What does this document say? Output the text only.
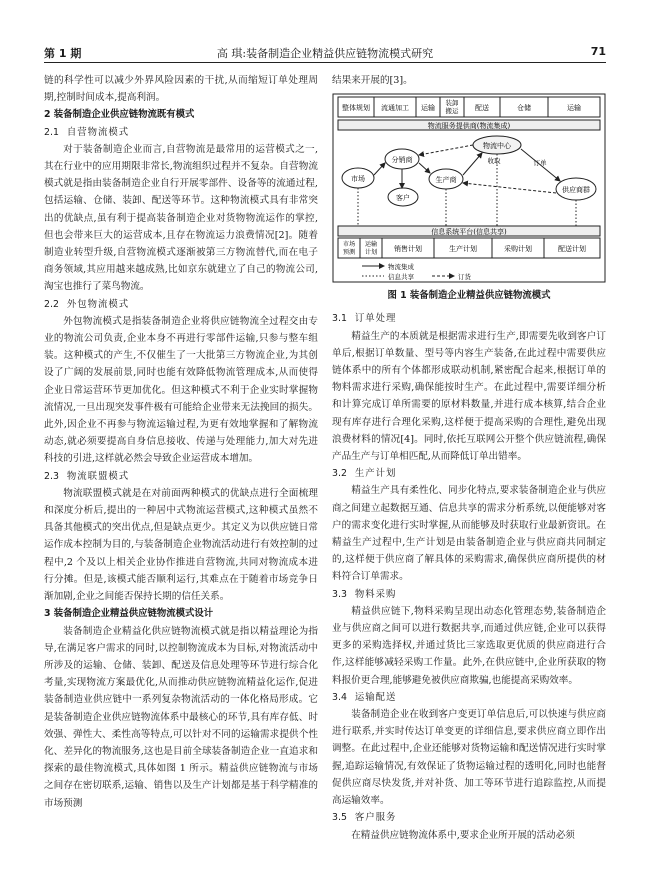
第 1 期	高 琪:装备制造企业精益供应链物流模式研究	71

链的科学性可以减少外界风险因素的干扰,从而缩短订单处理周期,控制时间成本,提高利润。

2 装备制造企业供应链物流既有模式

2.1 自营物流模式

对于装备制造企业而言,自营物流是最常用的运营模式之一,其在行业中的应用期限非常长,物流组织过程并不复杂。自营物流模式就是指由装备制造企业自行开展零部件、设备等的流通过程,包括运输、仓储、装卸、配送等环节。这种物流模式具有非常突出的优缺点,虽有利于提高装备制造企业对货物物流运作的掌控,但也会带来巨大的运营成本,且存在物流运力浪费情况[2]。随着制造业转型升级,自营物流模式逐渐被第三方物流替代,而在电子商务领域,其应用越来越成熟,比如京东就建立了自己的物流公司,淘宝也推行了菜鸟物流。

2.2 外包物流模式

外包物流模式是指装备制造企业将供应链物流全过程交由专业的物流公司负责,企业本身不再进行零部件运输,只参与整车组装。这种模式的产生,不仅催生了一大批第三方物流企业,为其创设了广阔的发展前景,同时也能有效降低物流管理成本,从而使得企业日常运营环节更加优化。但这种模式不利于企业实时掌握物流情况,一旦出现突发事件极有可能给企业带来无法挽回的损失。此外,因企业不再参与物流运输过程,为更有效地掌握和了解物流动态,就必须要提高自身信息接收、传递与处理能力,加大对先进科技的引进,这样就必然会导致企业运营成本增加。

2.3 物流联盟模式

物流联盟模式就是在对前面两种模式的优缺点进行全面梳理和深度分析后,提出的一种居中式物流运营模式,这种模式虽然不具备其他模式的突出优点,但是缺点更少。其定义为以供应链日常运作成本控制为目的,与装备制造企业物流活动进行有效控制的过程中,2 个及以上相关企业协作推进自营物流,共同对物流成本进行分摊。但是,该模式能否顺利运行,其难点在于随着市场竞争日渐加剧,企业之间能否保持长期的信任关系。

3 装备制造企业精益供应链物流模式设计

装备制造企业精益化供应链物流模式就是指以精益理论为指导,在满足客户需求的同时,以控制物流成本为目标,对物流活动中所涉及的运输、仓储、装卸、配送及信息处理等环节进行综合化考量,实现物流方案最优化,从而推动供应链物流精益化运作,促进装备制造业供应链中一系列复杂物流活动的一体化格局形成。它是装备制造企业供应链物流体系中最核心的环节,具有库存低、时效强、弹性大、柔性高等特点,可以针对不同的运输需求提供个性化、差异化的物流服务,这也是目前全球装备制造企业一直追求和探索的最佳物流模式,具体如图 1 所示。精益供应链物流与市场之间存在密切联系,运输、销售以及生产计划都是基于科学精准的市场预测

结果来开展的[3]。

整体规划 流通加工 运输
装卸搬运 配送	仓储	运输
物流服务提供商(物流集成)
市场
分销商
客户
生产商
物流中心
供应商群
收取	订单
信息系统平台(信息共享)
市场预测
运输计划 销售计划	生产计划	采购计划	配送计划
物流集成
信息共享	订货

图 1 装备制造企业精益供应链物流模式

3.1 订单处理

精益生产的本质就是根据需求进行生产,即需要先收到客户订单后,根据订单数量、型号等内容生产装备,在此过程中需要供应链体系中的所有个体都形成联动机制,紧密配合起来,根据订单的物料需求进行采购,确保能按时生产。在此过程中,需要详细分析和计算完成订单所需要的原材料数量,并进行成本核算,结合企业现有库存进行合理化采购,这样便于提高采购的合理性,避免出现浪费材料的情况[4]。同时,依托互联网公开整个供应链流程,确保产品生产与订单相匹配,从而降低订单出错率。

3.2 生产计划

精益生产具有柔性化、同步化特点,要求装备制造企业与供应商之间建立起数据互通、信息共享的需求分析系统,以便能够对客户的需求变化进行实时掌握,从而能够及时获取行业最新资讯。在精益生产过程中,生产计划是由装备制造企业与供应商共同制定的,这样便于供应商了解具体的采购需求,确保供应商所提供的材料符合订单需求。

3.3 物料采购

精益供应链下,物料采购呈现出动态化管理态势,装备制造企业与供应商之间可以进行数据共享,而通过供应链,企业可以获得更多的采购选择权,并通过货比三家选取更优质的供应商进行合作,这样能够减轻采购工作量。此外,在供应链中,企业所获取的物料报价更合理,能够避免被供应商欺骗,也能提高采购效率。

3.4 运输配送

装备制造企业在收到客户变更订单信息后,可以快速与供应商进行联系,并实时传达订单变更的详细信息,要求供应商立即作出调整。在此过程中,企业还能够对货物运输和配送情况进行实时掌握,追踪运输情况,有效保证了货物运输过程的透明化,同时也能督促供应商尽快发货,并对补货、加工等环节进行追踪监控,从而提高运输效率。

3.5 客户服务

在精益供应链物流体系中,要求企业所开展的活动必须
